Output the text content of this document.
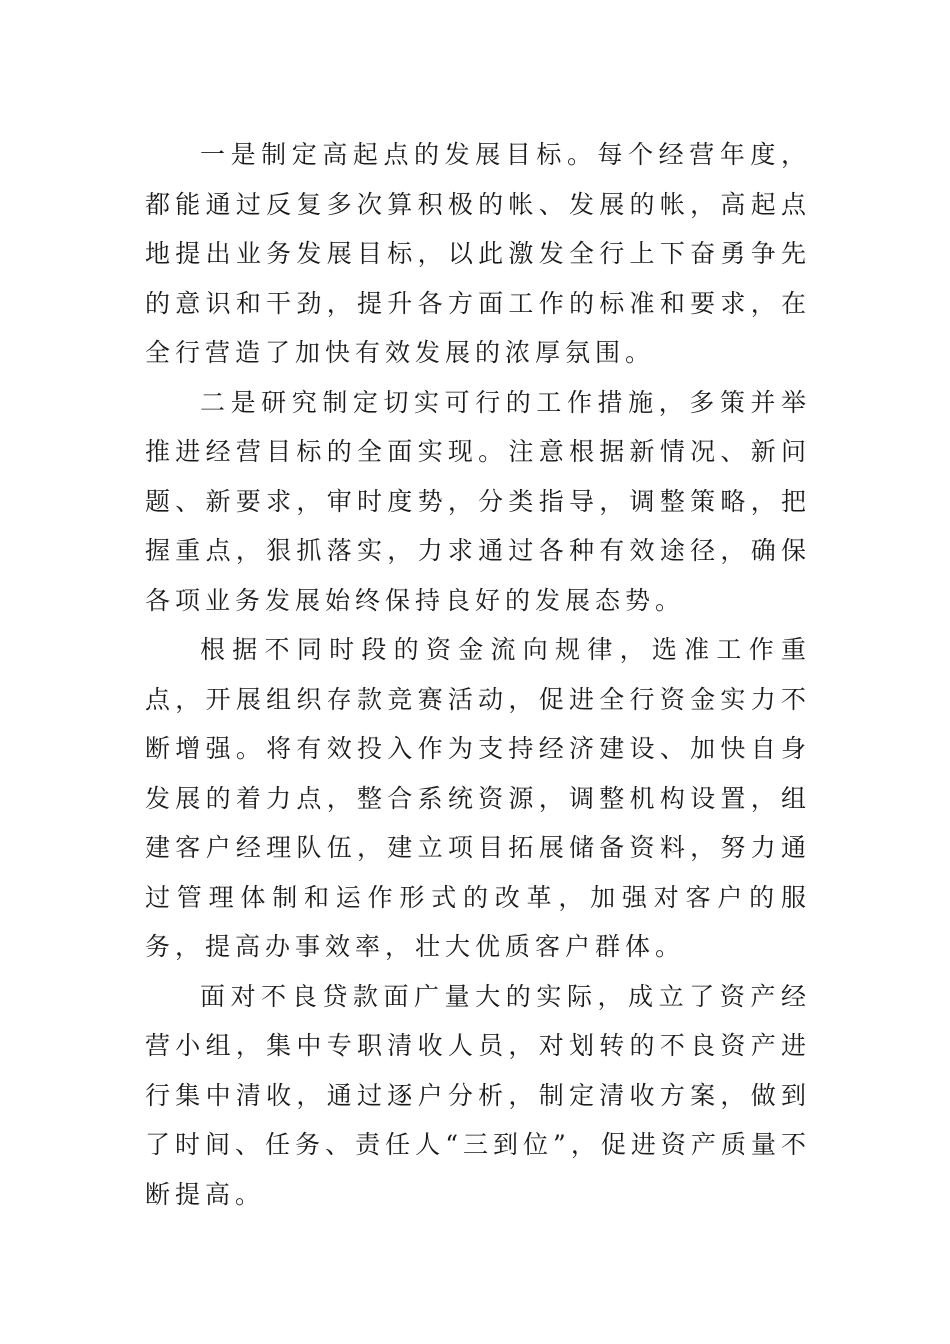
一是制定高起点的发展目标。每个经营年度，都能通过反复多次算积极的帐、发展的帐，高起点地提出业务发展目标，以此激发全行上下奋勇争先的意识和干劲，提升各方面工作的标准和要求，在全行营造了加快有效发展的浓厚氛围。

二是研究制定切实可行的工作措施，多策并举推进经营目标的全面实现。注意根据新情况、新问题、新要求，审时度势，分类指导，调整策略，把握重点，狠抓落实，力求通过各种有效途径，确保各项业务发展始终保持良好的发展态势。

根据不同时段的资金流向规律，选准工作重点，开展组织存款竞赛活动，促进全行资金实力不断增强。将有效投入作为支持经济建设、加快自身发展的着力点，整合系统资源，调整机构设置，组建客户经理队伍，建立项目拓展储备资料，努力通过管理体制和运作形式的改革，加强对客户的服务，提高办事效率，壮大优质客户群体。

面对不良贷款面广量大的实际，成立了资产经营小组，集中专职清收人员，对划转的不良资产进行集中清收，通过逐户分析，制定清收方案，做到了时间、任务、责任人“三到位”，促进资产质量不断提高。
